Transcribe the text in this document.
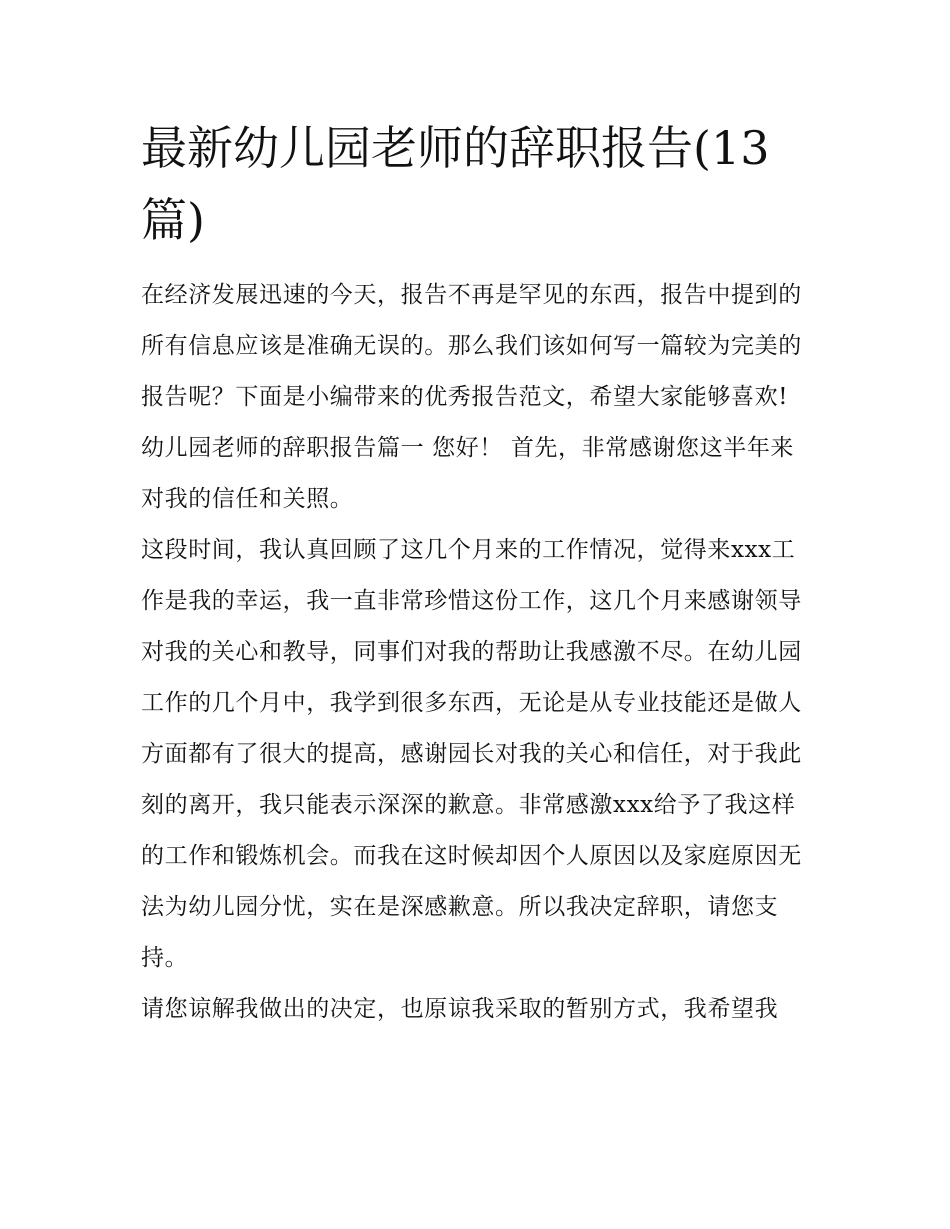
最新幼儿园老师的辞职报告(13篇)

在经济发展迅速的今天，报告不再是罕见的东西，报告中提到的所有信息应该是准确无误的。那么我们该如何写一篇较为完美的报告呢？下面是小编带来的优秀报告范文，希望大家能够喜欢!

幼儿园老师的辞职报告篇一 您好！ 首先，非常感谢您这半年来对我的信任和关照。

这段时间，我认真回顾了这几个月来的工作情况，觉得来xxx工作是我的幸运，我一直非常珍惜这份工作，这几个月来感谢领导对我的关心和教导，同事们对我的帮助让我感激不尽。在幼儿园工作的几个月中，我学到很多东西，无论是从专业技能还是做人方面都有了很大的提高，感谢园长对我的关心和信任，对于我此刻的离开，我只能表示深深的歉意。非常感激xxx给予了我这样的工作和锻炼机会。而我在这时候却因个人原因以及家庭原因无法为幼儿园分忧，实在是深感歉意。所以我决定辞职，请您支持。

请您谅解我做出的决定，也原谅我采取的暂别方式，我希望我
